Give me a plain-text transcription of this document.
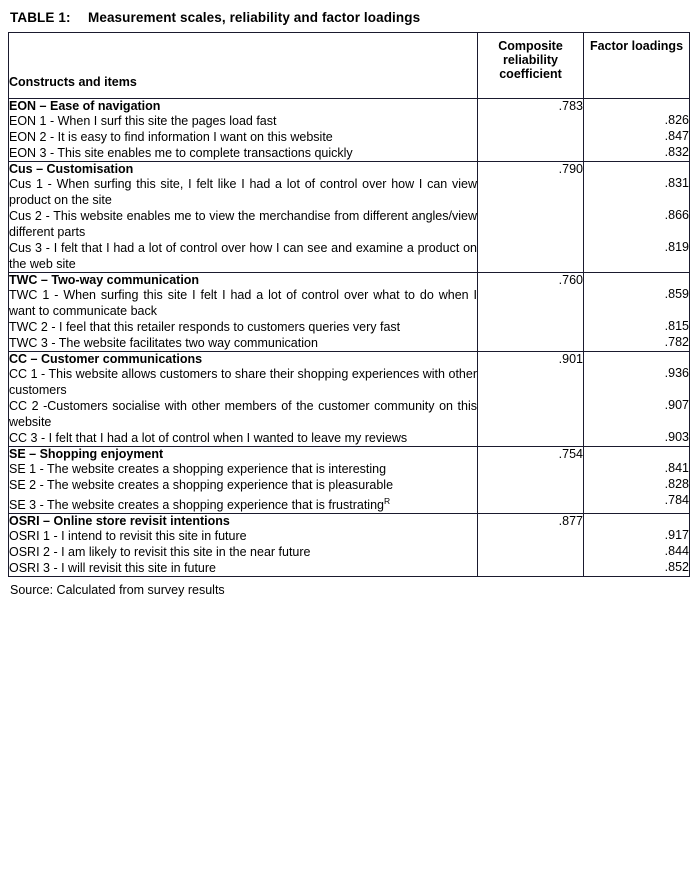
TABLE 1: Measurement scales, reliability and factor loadings
Constructs and items	Composite reliability coefficient	Factor loadings
EON – Ease of navigation	.783	
EON 1 - When I surf this site the pages load fast		.826
EON 2 - It is easy to find information I want on this website		.847
EON 3 - This site enables me to complete transactions quickly		.832
Cus – Customisation	.790	
Cus 1 - When surfing this site, I felt like I had a lot of control over how I can view product on the site		.831
Cus 2 - This website enables me to view the merchandise from different angles/view different parts		.866
Cus 3 - I felt that I had a lot of control over how I can see and examine a product on the web site		.819
TWC – Two-way communication	.760	
TWC 1 - When surfing this site I felt I had a lot of control over what to do when I want to communicate back		.859
TWC 2 - I feel that this retailer responds to customers queries very fast		.815
TWC 3 - The website facilitates two way communication		.782
CC – Customer communications	.901	
CC 1 - This website allows customers to share their shopping experiences with other customers		.936
CC 2 -Customers socialise with other members of the customer community on this website		.907
CC 3 - I felt that I had a lot of control when I wanted to leave my reviews		.903
SE – Shopping enjoyment	.754	
SE 1 - The website creates a shopping experience that is interesting		.841
SE 2 - The website creates a shopping experience that is pleasurable		.828
SE 3 - The website creates a shopping experience that is frustrating$^R$		.784
OSRI – Online store revisit intentions	.877	
OSRI 1 - I intend to revisit this site in future		.917
OSRI 2 - I am likely to revisit this site in the near future		.844
OSRI 3 - I will revisit this site in future		.852
Source: Calculated from survey results
